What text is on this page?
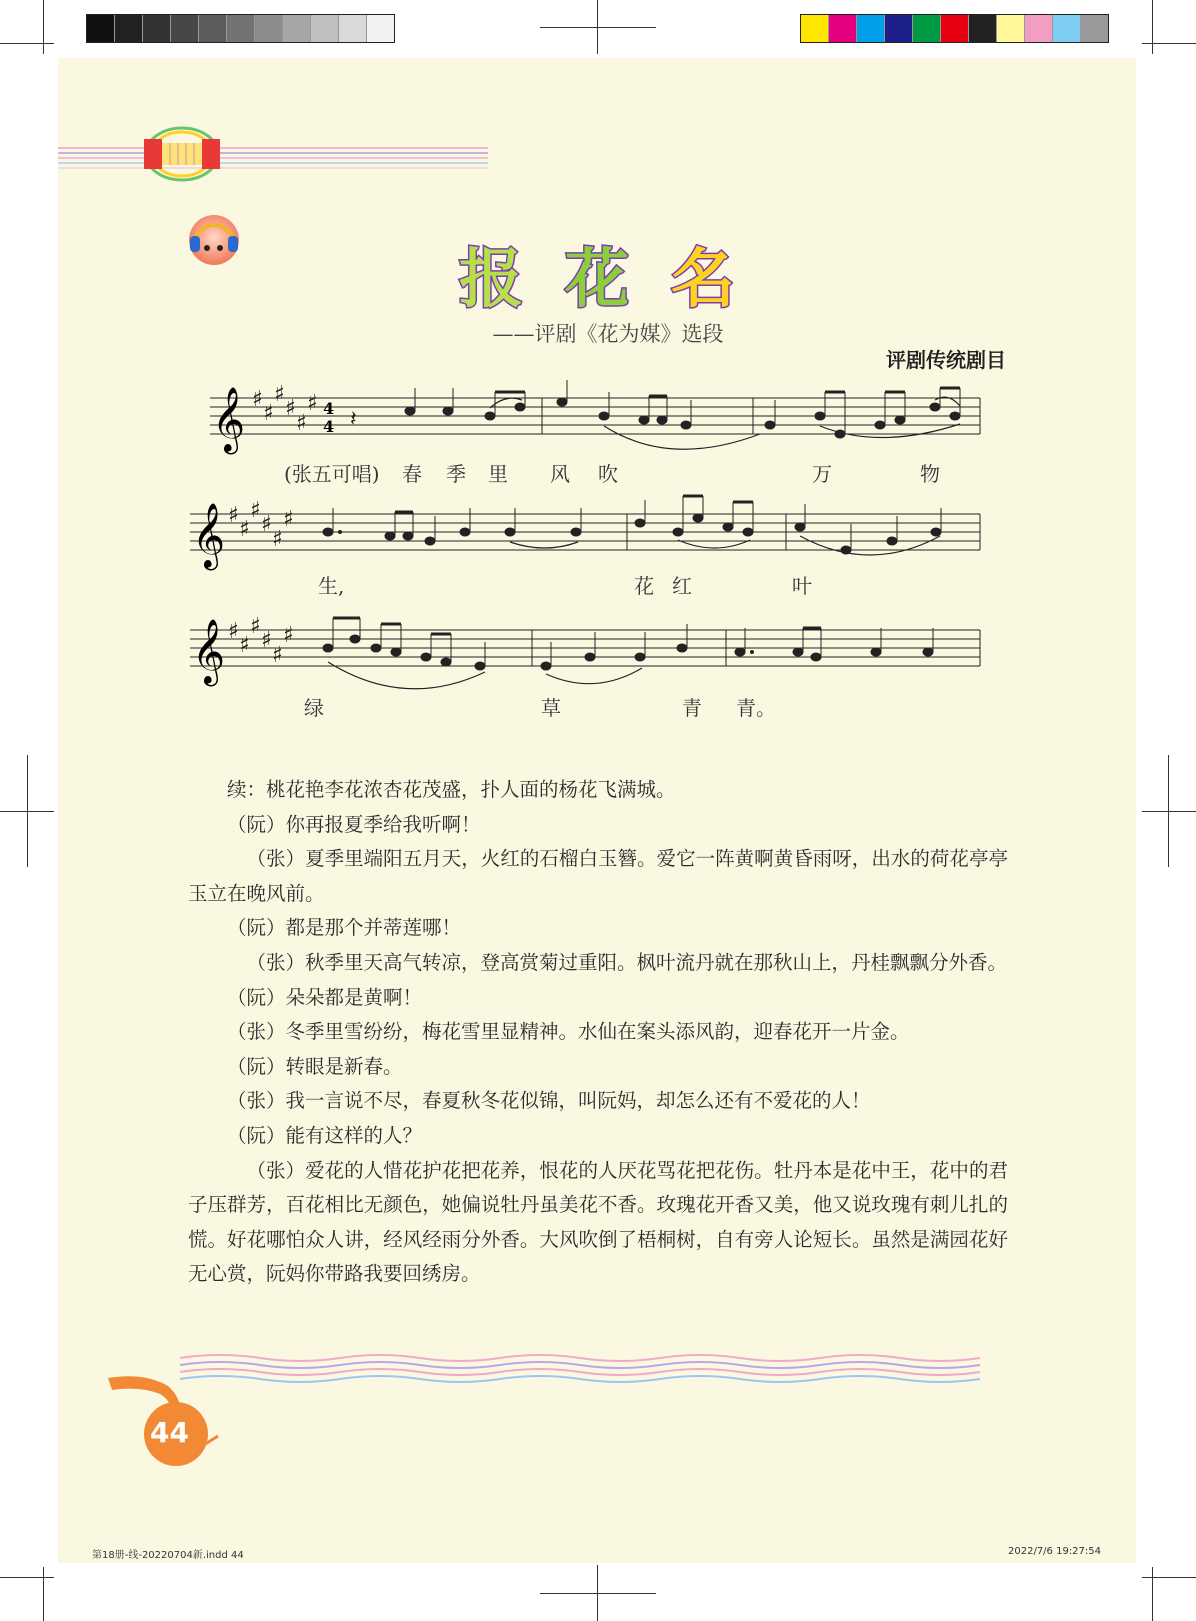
报 花 名
——评剧《花为媒》选段
评剧传统剧目
𝄞 ♯
♯
♯
♯
♯
♯ 4
4 𝄽
(张五可唱) 春 季 里 风 吹	万	物
𝄞 ♯
♯
♯
♯
♯
♯
生,	花 红	叶
𝄞 ♯
♯
♯
♯
♯
♯
绿	草	青 青。

续：桃花艳李花浓杏花茂盛，扑人面的杨花飞满城。

（阮）你再报夏季给我听啊！

（张）夏季里端阳五月天，火红的石榴白玉簪。爱它一阵黄啊黄昏雨呀，出水的荷花亭亭玉立在晚风前。

（阮）都是那个并蒂莲哪！

（张）秋季里天高气转凉，登高赏菊过重阳。枫叶流丹就在那秋山上，丹桂飘飘分外香。

（阮）朵朵都是黄啊！

（张）冬季里雪纷纷，梅花雪里显精神。水仙在案头添风韵，迎春花开一片金。

（阮）转眼是新春。

（张）我一言说不尽，春夏秋冬花似锦，叫阮妈，却怎么还有不爱花的人！

（阮）能有这样的人？

（张）爱花的人惜花护花把花养，恨花的人厌花骂花把花伤。牡丹本是花中王，花中的君子压群芳，百花相比无颜色，她偏说牡丹虽美花不香。玫瑰花开香又美，他又说玫瑰有刺儿扎的慌。好花哪怕众人讲，经风经雨分外香。大风吹倒了梧桐树，自有旁人论短长。虽然是满园花好无心赏，阮妈你带路我要回绣房。

44
第18册-线-20220704新.indd 44	2022/7/6 19:27:54
